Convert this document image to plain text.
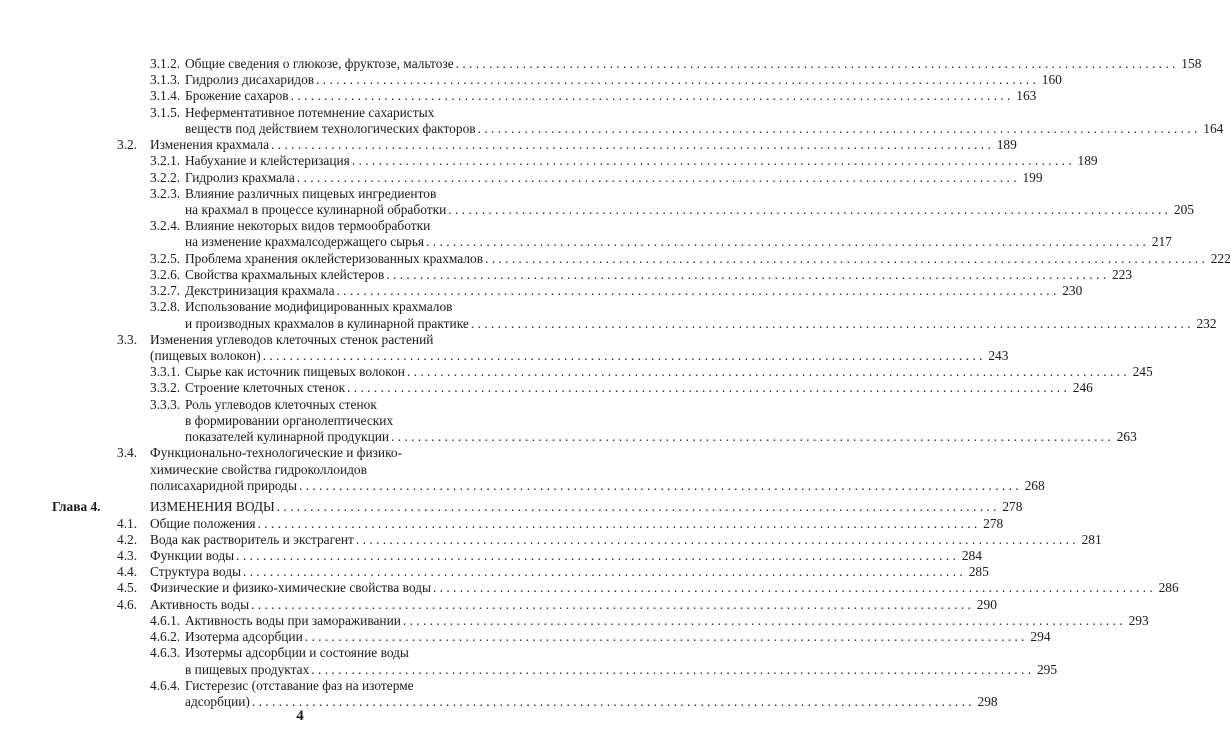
3.1.2. Общие сведения о глюкозе, фруктозе, мальтозе . . .	158
3.1.3. Гидролиз дисахаридов . . .	160
3.1.4. Брожение сахаров . . .	163
3.1.5. Неферментативное потемнение сахаристых
веществ под действием технологических факторов . . .	164
3.2. Изменения крахмала . . .	189
3.2.1. Набухание и клейстеризация . . .	189
3.2.2. Гидролиз крахмала . . .	199
3.2.3. Влияние различных пищевых ингредиентов
на крахмал в процессе кулинарной обработки . . .	205
3.2.4. Влияние некоторых видов термообработки
на изменение крахмалсодержащего сырья . . .	217
3.2.5. Проблема хранения оклейстеризованных крахмалов . . .	222
3.2.6. Свойства крахмальных клейстеров . . .	223
3.2.7. Декстринизация крахмала . . .	230
3.2.8. Использование модифицированных крахмалов
и производных крахмалов в кулинарной практике . . .	232
3.3. Изменения углеводов клеточных стенок растений
(пищевых волокон) . . .	243
3.3.1. Сырье как источник пищевых волокон . . .	245
3.3.2. Строение клеточных стенок . . .	246
3.3.3. Роль углеводов клеточных стенок
в формировании органолептических
показателей кулинарной продукции . . .	263
3.4. Функционально-технологические и физико-
химические свойства гидроколлоидов
полисахаридной природы . . .	268
Глава 4.	ИЗМЕНЕНИЯ ВОДЫ . . .	278
4.1. Общие положения . . .	278
4.2. Вода как растворитель и экстрагент . . .	281
4.3. Функции воды . . .	284
4.4. Структура воды . . .	285
4.5. Физические и физико-химические свойства воды . . .	286
4.6. Активность воды . . .	290
4.6.1. Активность воды при замораживании . . .	293
4.6.2. Изотерма адсорбции . . .	294
4.6.3. Изотермы адсорбции и состояние воды
в пищевых продуктах . . .	295
4.6.4. Гистерезис (отставание фаз на изотерме
адсорбции) . . .	298
4
